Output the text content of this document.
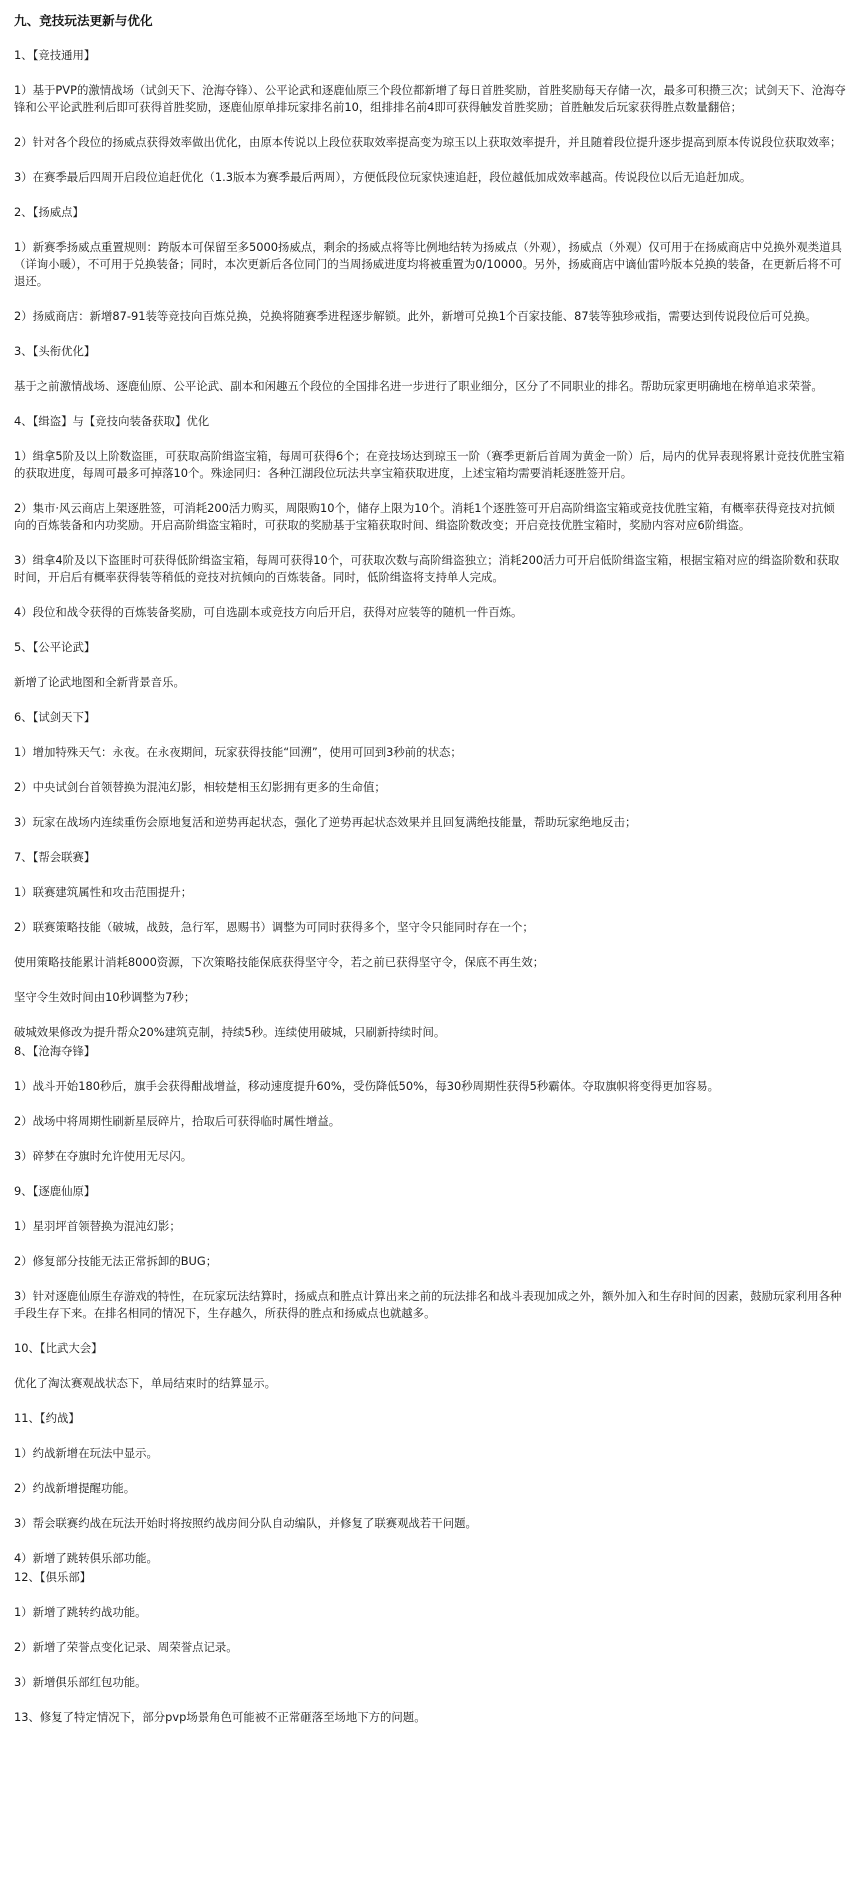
九、竞技玩法更新与优化
1、【竞技通用】
1）基于PVP的激情战场（试剑天下、沧海夺锋）、公平论武和逐鹿仙原三个段位都新增了每日首胜奖励，首胜奖励每天存储一次，最多可积攒三次；试剑天下、沧海夺锋和公平论武胜利后即可获得首胜奖励，逐鹿仙原单排玩家排名前10，组排排名前4即可获得触发首胜奖励；首胜触发后玩家获得胜点数量翻倍；
2）针对各个段位的扬威点获得效率做出优化，由原本传说以上段位获取效率提高变为琼玉以上获取效率提升，并且随着段位提升逐步提高到原本传说段位获取效率；
3）在赛季最后四周开启段位追赶优化（1.3版本为赛季最后两周），方便低段位玩家快速追赶，段位越低加成效率越高。传说段位以后无追赶加成。
2、【扬威点】
1）新赛季扬威点重置规则：跨版本可保留至多5000扬威点，剩余的扬威点将等比例地结转为扬威点（外观），扬威点（外观）仅可用于在扬威商店中兑换外观类道具（详询小暖），不可用于兑换装备；同时，本次更新后各位同门的当周扬威进度均将被重置为0/10000。另外，扬威商店中谪仙雷吟版本兑换的装备，在更新后将不可退还。
2）扬威商店：新增87-91装等竞技向百炼兑换，兑换将随赛季进程逐步解锁。此外，新增可兑换1个百家技能、87装等独珍戒指，需要达到传说段位后可兑换。
3、【头衔优化】
基于之前激情战场、逐鹿仙原、公平论武、副本和闲趣五个段位的全国排名进一步进行了职业细分，区分了不同职业的排名。帮助玩家更明确地在榜单追求荣誉。
4、【缉盗】与【竞技向装备获取】优化
1）缉拿5阶及以上阶数盗匪，可获取高阶缉盗宝箱，每周可获得6个；在竞技场达到琼玉一阶（赛季更新后首周为黄金一阶）后，局内的优异表现将累计竞技优胜宝箱的获取进度，每周可最多可掉落10个。殊途同归：各种江湖段位玩法共享宝箱获取进度，上述宝箱均需要消耗逐胜签开启。
2）集市·风云商店上架逐胜签，可消耗200活力购买，周限购10个，储存上限为10个。消耗1个逐胜签可开启高阶缉盗宝箱或竞技优胜宝箱，有概率获得竞技对抗倾向的百炼装备和内功奖励。开启高阶缉盗宝箱时，可获取的奖励基于宝箱获取时间、缉盗阶数改变；开启竞技优胜宝箱时，奖励内容对应6阶缉盗。
3）缉拿4阶及以下盗匪时可获得低阶缉盗宝箱，每周可获得10个，可获取次数与高阶缉盗独立；消耗200活力可开启低阶缉盗宝箱，根据宝箱对应的缉盗阶数和获取时间，开启后有概率获得装等稍低的竞技对抗倾向的百炼装备。同时，低阶缉盗将支持单人完成。
4）段位和战令获得的百炼装备奖励，可自选副本或竞技方向后开启，获得对应装等的随机一件百炼。
5、【公平论武】
新增了论武地图和全新背景音乐。
6、【试剑天下】
1）增加特殊天气：永夜。在永夜期间，玩家获得技能“回溯”，使用可回到3秒前的状态；
2）中央试剑台首领替换为混沌幻影，相较楚相玉幻影拥有更多的生命值；
3）玩家在战场内连续重伤会原地复活和逆势再起状态，强化了逆势再起状态效果并且回复满绝技能量，帮助玩家绝地反击；
7、【帮会联赛】
1）联赛建筑属性和攻击范围提升；
2）联赛策略技能（破城，战鼓，急行军，恩赐书）调整为可同时获得多个，坚守令只能同时存在一个；
使用策略技能累计消耗8000资源，下次策略技能保底获得坚守令，若之前已获得坚守令，保底不再生效；
坚守令生效时间由10秒调整为7秒；
破城效果修改为提升帮众20%建筑克制，持续5秒。连续使用破城，只刷新持续时间。
8、【沧海夺锋】
1）战斗开始180秒后，旗手会获得酣战增益，移动速度提升60%，受伤降低50%，每30秒周期性获得5秒霸体。夺取旗帜将变得更加容易。
2）战场中将周期性刷新星辰碎片，拾取后可获得临时属性增益。
3）碎梦在夺旗时允许使用无尽闪。
9、【逐鹿仙原】
1）星羽坪首领替换为混沌幻影；
2）修复部分技能无法正常拆卸的BUG；
3）针对逐鹿仙原生存游戏的特性，在玩家玩法结算时，扬威点和胜点计算出来之前的玩法排名和战斗表现加成之外，额外加入和生存时间的因素，鼓励玩家利用各种手段生存下来。在排名相同的情况下，生存越久，所获得的胜点和扬威点也就越多。
10、【比武大会】
优化了淘汰赛观战状态下，单局结束时的结算显示。
11、【约战】
1）约战新增在玩法中显示。
2）约战新增提醒功能。
3）帮会联赛约战在玩法开始时将按照约战房间分队自动编队，并修复了联赛观战若干问题。
4）新增了跳转俱乐部功能。
12、【俱乐部】
1）新增了跳转约战功能。
2）新增了荣誉点变化记录、周荣誉点记录。
3）新增俱乐部红包功能。
13、修复了特定情况下，部分pvp场景角色可能被不正常砸落至场地下方的问题。
